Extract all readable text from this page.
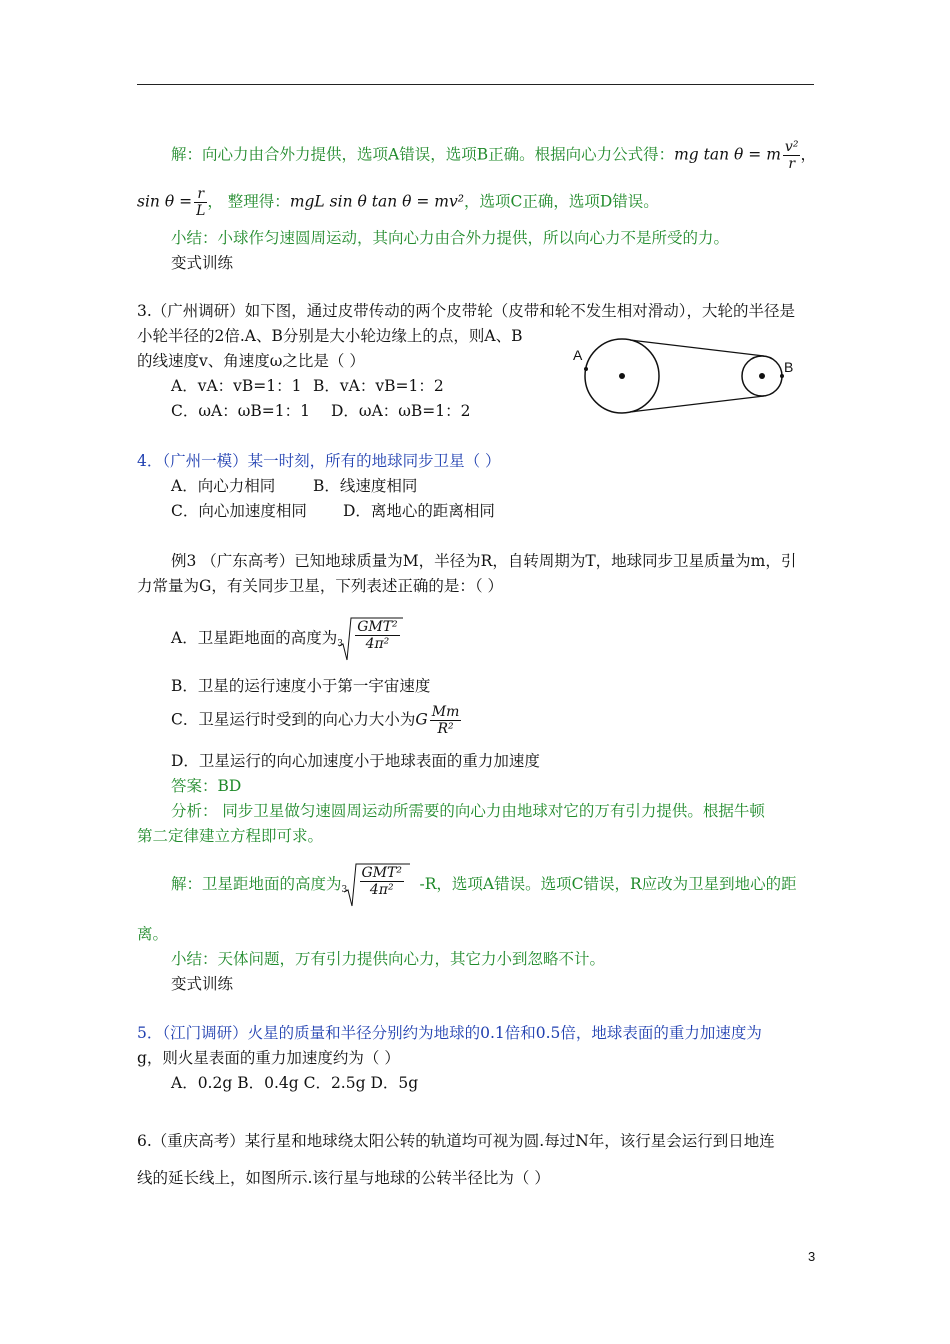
解：向心力由合外力提供，选项A错误，选项B正确。根据向心力公式得：mg tan θ = m $\frac{\text{v²}}{r}$ ，
$\sin \theta = \frac{r}{L}$ ， 整理得：mgL sin θ tan θ = mv²，选项C正确，选项D错误。
小结：小球作匀速圆周运动，其向心力由合外力提供，所以向心力不是所受的力。
变式训练
3.（广州调研）如下图，通过皮带传动的两个皮带轮（皮带和轮不发生相对滑动），大轮的半径是
小轮半径的2倍.A、B分别是大小轮边缘上的点，则A、B
的线速度v、角速度ω之比是（ ）
A．vA：vB=1：1 B．vA：vB=1：2
C．ωA：ωB=1：1 D．ωA：ωB=1：2
A
B
4．（广州一模）某一时刻，所有的地球同步卫星（ ）
A．向心力相同 B．线速度相同
C．向心加速度相同 D．离地心的距离相同
例3 （广东高考）已知地球质量为M，半径为R，自转周期为T，地球同步卫星质量为m，引
力常量为G，有关同步卫星，下列表述正确的是：（ ）
A．卫星距地面的高度为 $3 \frac{\text{GMT²}}{\text{4π²}}$
B．卫星的运行速度小于第一宇宙速度
C．卫星运行时受到的向心力大小为G $\frac{Mm}{\text{R²}}$
D．卫星运行的向心加速度小于地球表面的重力加速度
答案：BD
分析： 同步卫星做匀速圆周运动所需要的向心力由地球对它的万有引力提供。根据牛顿
第二定律建立方程即可求。
解：卫星距地面的高度为 $3 \frac{\text{GMT²}}{\text{4π²}} -R$，选项A错误。选项C错误，R应改为卫星到地心的距
离。
小结：天体问题，万有引力提供向心力，其它力小到忽略不计。
变式训练
5．（江门调研）火星的质量和半径分别约为地球的0.1倍和0.5倍，地球表面的重力加速度为
g，则火星表面的重力加速度约为（ ）
A．0.2g B．0.4g C．2.5g D．5g
6.（重庆高考）某行星和地球绕太阳公转的轨道均可视为圆.每过N年，该行星会运行到日地连
线的延长线上，如图所示.该行星与地球的公转半径比为（ ）
3
